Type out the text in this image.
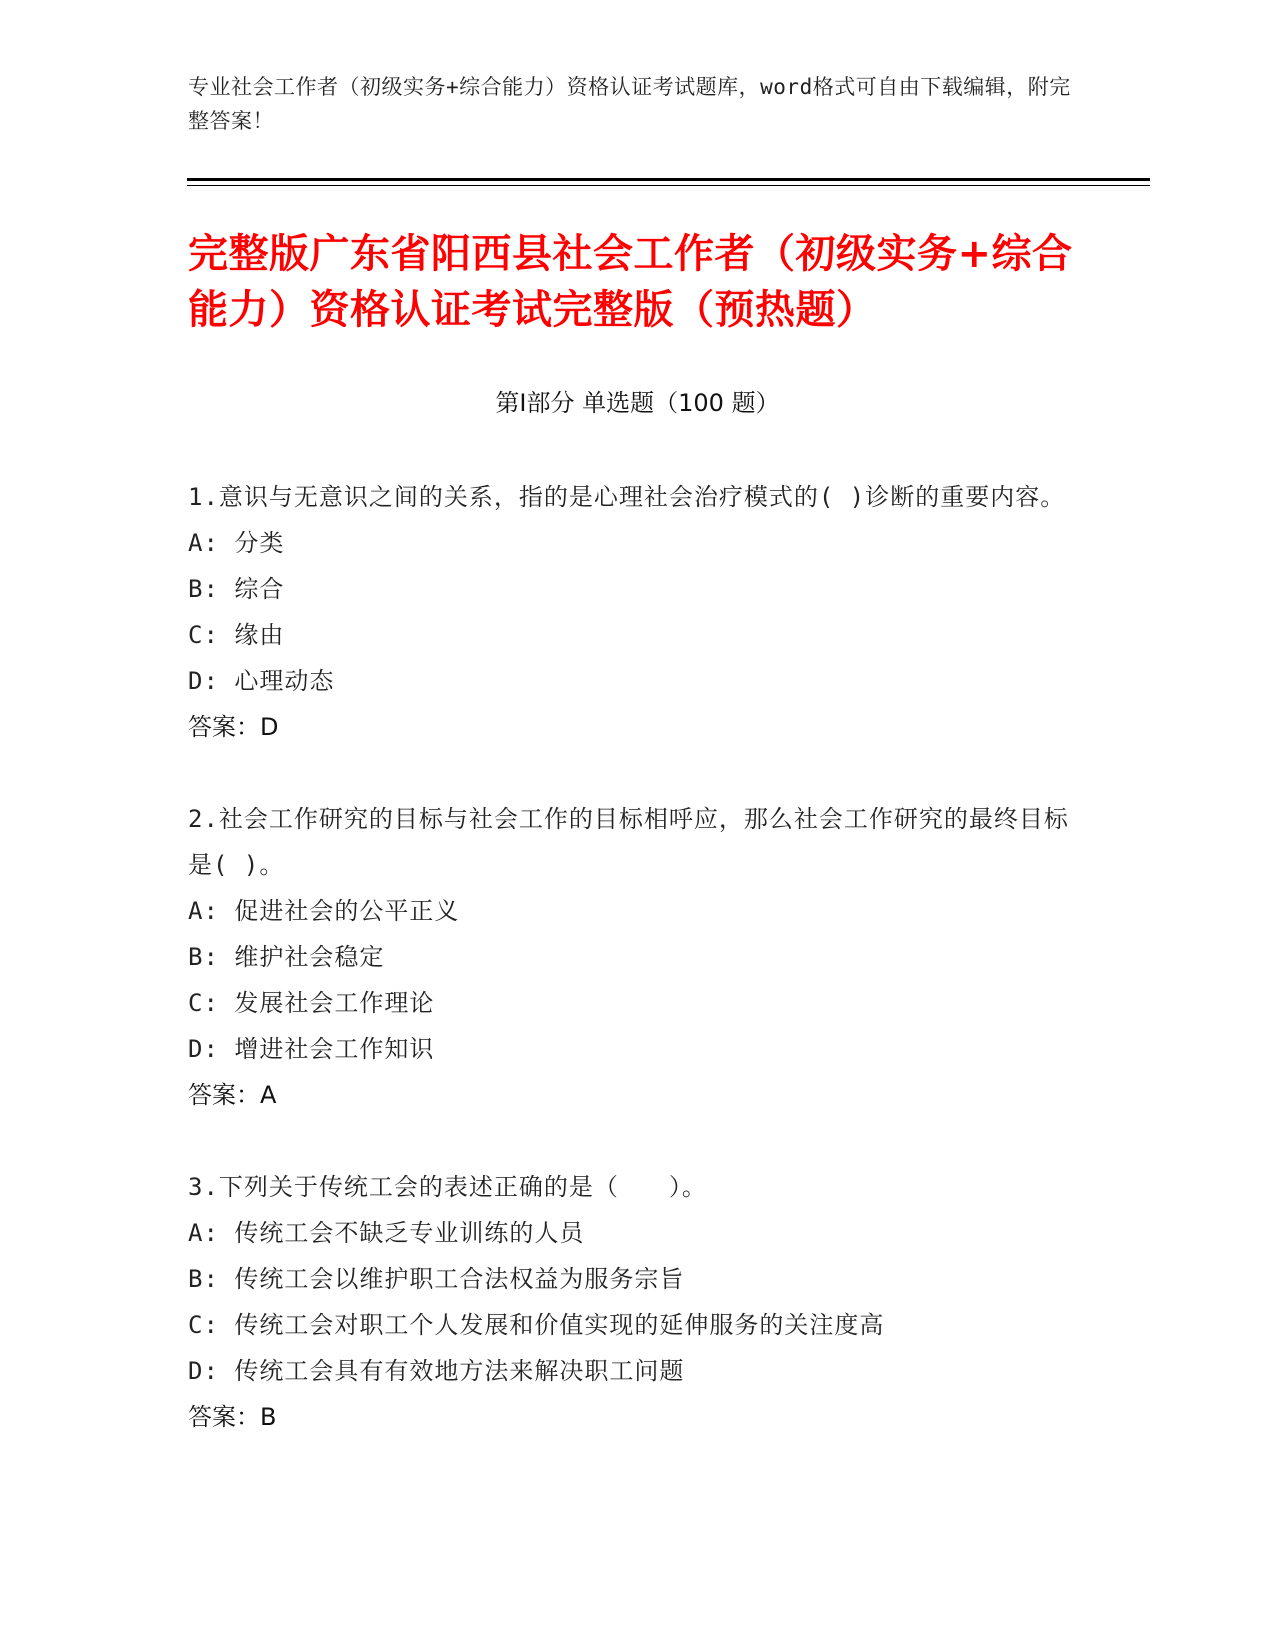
专业社会工作者（初级实务+综合能力）资格认证考试题库，word格式可自由下载编辑，附完整答案！
完整版广东省阳西县社会工作者（初级实务+综合能力）资格认证考试完整版（预热题）
第Ⅰ部分 单选题（100 题）
1.意识与无意识之间的关系，指的是心理社会治疗模式的( )诊断的重要内容。
A: 分类
B: 综合
C: 缘由
D: 心理动态
答案：D
2.社会工作研究的目标与社会工作的目标相呼应，那么社会工作研究的最终目标是( )。
A: 促进社会的公平正义
B: 维护社会稳定
C: 发展社会工作理论
D: 增进社会工作知识
答案：A
3.下列关于传统工会的表述正确的是（　　）。
A: 传统工会不缺乏专业训练的人员
B: 传统工会以维护职工合法权益为服务宗旨
C: 传统工会对职工个人发展和价值实现的延伸服务的关注度高
D: 传统工会具有有效地方法来解决职工问题
答案：B
